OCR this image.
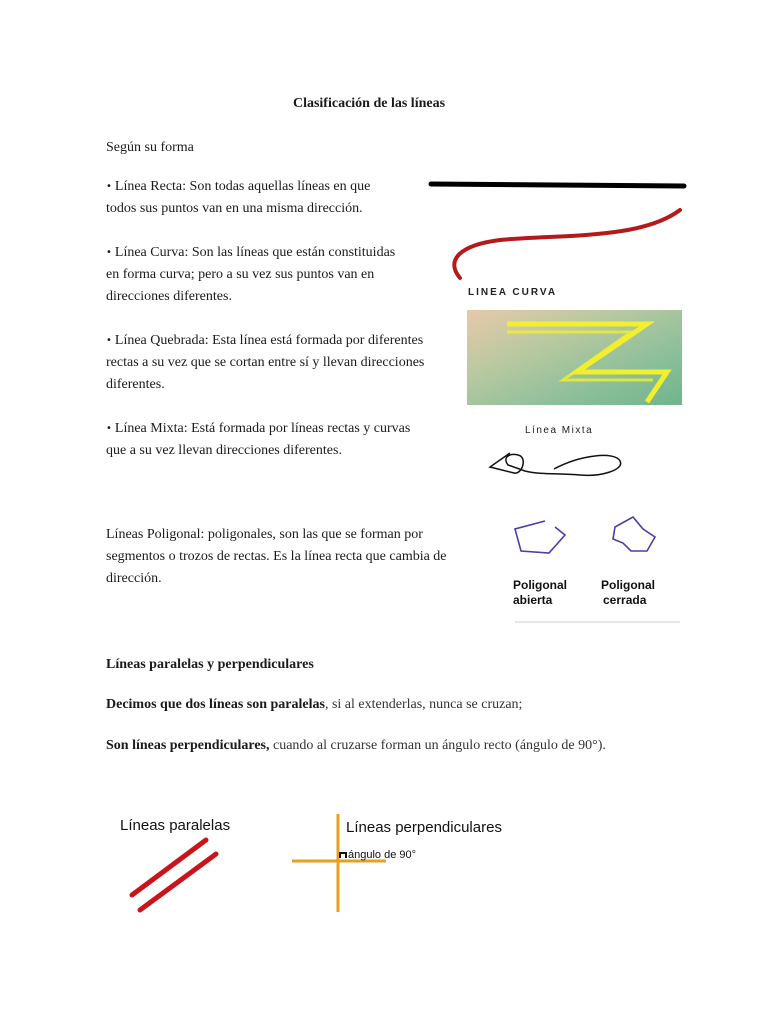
Clasificación de las líneas
Según su forma
• Línea Recta: Son todas aquellas líneas en que
todos sus puntos van en una misma dirección.
• Línea Curva: Son las líneas que están constituidas
en forma curva; pero a su vez sus puntos van en
direcciones diferentes.
• Línea Quebrada: Esta línea está formada por diferentes
rectas a su vez que se cortan entre sí y llevan direcciones
diferentes.
• Línea Mixta: Está formada por líneas rectas y curvas
que a su vez llevan direcciones diferentes.
Líneas Poligonal: poligonales, son las que se forman por
segmentos o trozos de rectas. Es la línea recta que cambia de
dirección.
Líneas paralelas y perpendiculares
Decimos que dos líneas son paralelas, si al extenderlas, nunca se cruzan;
Son líneas perpendiculares, cuando al cruzarse forman un ángulo recto (ángulo de 90°).
LINEA CURVA
Línea Mixta
Poligonal
abierta
Poligonal
cerrada
Líneas paralelas	Líneas perpendiculares
ángulo de 90°
